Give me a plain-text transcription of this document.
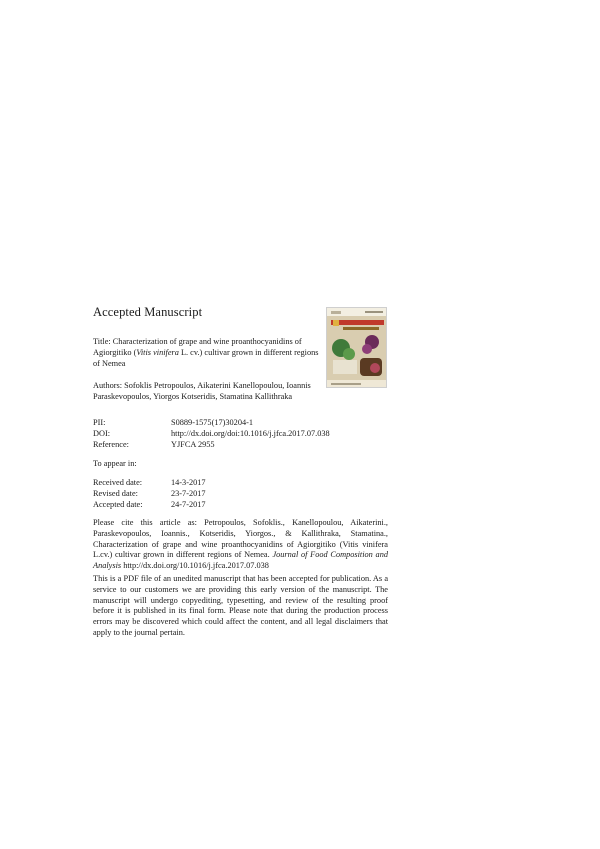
Accepted Manuscript
Title: Characterization of grape and wine proanthocyanidins of Agiorgitiko (Vitis vinifera L. cv.) cultivar grown in different regions of Nemea
Authors: Sofoklis Petropoulos, Aikaterini Kanellopoulou, Ioannis Paraskevopoulos, Yiorgos Kotseridis, Stamatina Kallithraka
PII:	S0889-1575(17)30204-1
DOI:	http://dx.doi.org/doi:10.1016/j.jfca.2017.07.038
Reference:	YJFCA 2955
To appear in:
Received date:	14-3-2017
Revised date:	23-7-2017
Accepted date:	24-7-2017
Please cite this article as: Petropoulos, Sofoklis., Kanellopoulou, Aikaterini., Paraskevopoulos, Ioannis., Kotseridis, Yiorgos., & Kallithraka, Stamatina., Characterization of grape and wine proanthocyanidins of Agiorgitiko (Vitis vinifera L.cv.) cultivar grown in different regions of Nemea. Journal of Food Composition and Analysis http://dx.doi.org/10.1016/j.jfca.2017.07.038
This is a PDF file of an unedited manuscript that has been accepted for publication. As a service to our customers we are providing this early version of the manuscript. The manuscript will undergo copyediting, typesetting, and review of the resulting proof before it is published in its final form. Please note that during the production process errors may be discovered which could affect the content, and all legal disclaimers that apply to the journal pertain.
